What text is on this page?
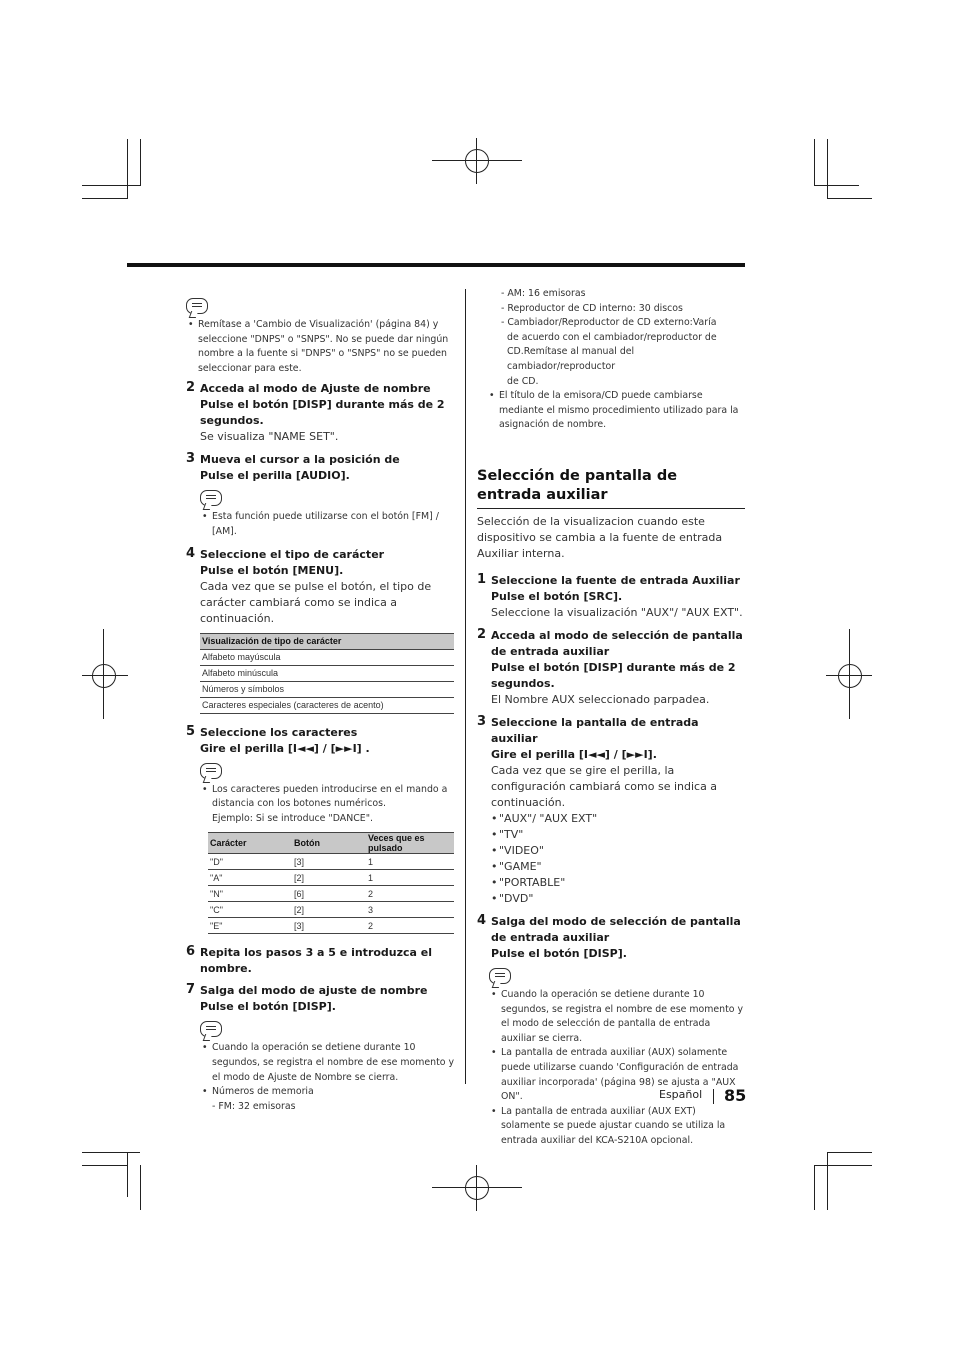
• Remítase a 'Cambio de Visualización' (página 84) y seleccione "DNPS" o "SNPS". No se puede dar ningún nombre a la fuente si "DNPS" o "SNPS" no se pueden seleccionar para este.
2 Acceda al modo de Ajuste de nombre
Pulse el botón [DISP] durante más de 2 segundos.
Se visualiza "NAME SET".
3 Mueva el cursor a la posición de
Pulse el perilla [AUDIO].
• Esta función puede utilizarse con el botón [FM] / [AM].
4 Seleccione el tipo de carácter
Pulse el botón [MENU].
Cada vez que se pulse el botón, el tipo de carácter cambiará como se indica a continuación.
Visualización de tipo de carácter
Alfabeto mayúscula
Alfabeto minúscula
Números y símbolos
Caracteres especiales (caracteres de acento)
5 Seleccione los caracteres
Gire el perilla [I◄◄] / [►►I] .
• Los caracteres pueden introducirse en el mando a distancia con los botones numéricos.
Ejemplo: Si se introduce "DANCE".
Carácter	Botón	Veces que es pulsado
"D"	[3]	1
"A"	[2]	1
"N"	[6]	2
"C"	[2]	3
"E"	[3]	2
6 Repita los pasos 3 a 5 e introduzca el nombre.
7 Salga del modo de ajuste de nombre
Pulse el botón [DISP].
• Cuando la operación se detiene durante 10 segundos, se registra el nombre de ese momento y el modo de Ajuste de Nombre se cierra.
• Números de memoria
- FM: 32 emisoras
- AM: 16 emisoras
- Reproductor de CD interno: 30 discos
- Cambiador/Reproductor de CD externo:Varía
de acuerdo con el cambiador/reproductor de
CD.Remítase al manual del cambiador/reproductor
de CD.
• El título de la emisora/CD puede cambiarse mediante el mismo procedimiento utilizado para la asignación de nombre.
Selección de pantalla de entrada auxiliar
Selección de la visualizacion cuando este dispositivo se cambia a la fuente de entrada Auxiliar interna.
1 Seleccione la fuente de entrada Auxiliar
Pulse el botón [SRC].
Seleccione la visualización "AUX"/ "AUX EXT".
2 Acceda al modo de selección de pantalla de entrada auxiliar
Pulse el botón [DISP] durante más de 2 segundos.
El Nombre AUX seleccionado parpadea.
3 Seleccione la pantalla de entrada auxiliar
Gire el perilla [I◄◄] / [►►I].
Cada vez que se gire el perilla, la configuración cambiará como se indica a continuación.
• "AUX"/ "AUX EXT"
• "TV"
• "VIDEO"
• "GAME"
• "PORTABLE"
• "DVD"
4 Salga del modo de selección de pantalla de entrada auxiliar
Pulse el botón [DISP].
• Cuando la operación se detiene durante 10 segundos, se registra el nombre de ese momento y el modo de selección de pantalla de entrada auxiliar se cierra.
• La pantalla de entrada auxiliar (AUX) solamente puede utilizarse cuando 'Configuración de entrada auxiliar incorporada' (página 98) se ajusta a "AUX ON".
• La pantalla de entrada auxiliar (AUX EXT) solamente se puede ajustar cuando se utiliza la entrada auxiliar del KCA-S210A opcional.
Español 85
